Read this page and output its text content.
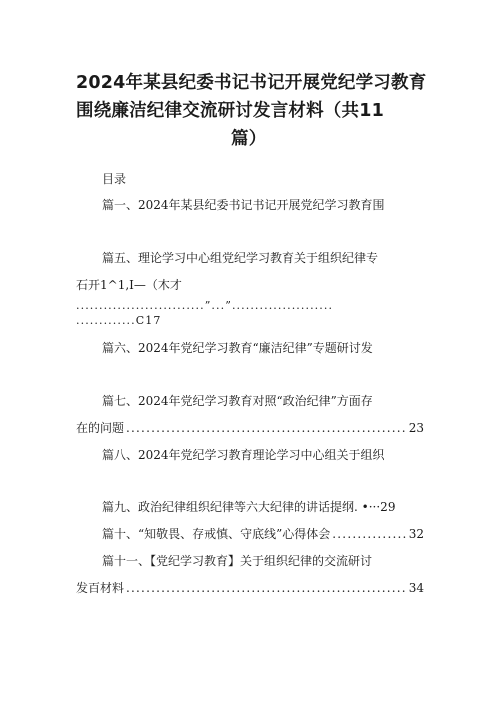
2024年某县纪委书记书记开展党纪学习教育
围绕廉洁纪律交流研讨发言材料（共11
篇）
目录
篇一、2024年某县纪委书记书记开展党纪学习教育围
篇五、理论学习中心组党纪学习教育关于组织纪律专
石开1^1,I—（木才
............................”...”......................
.............C17
篇六、2024年党纪学习教育“廉洁纪律”专题研讨发
篇七、2024年党纪学习教育对照“政治纪律”方面存
在的问题 .....	23
篇八、2024年党纪学习教育理论学习中心组关于组织
篇九、政治纪律组织纪律等六大纪律的讲话提纲. •···29
篇十、“知敬畏、存戒慎、守底线”心得体会 .....	32
篇十一、【党纪学习教育】关于组织纪律的交流研讨
发百材料 .....	34
